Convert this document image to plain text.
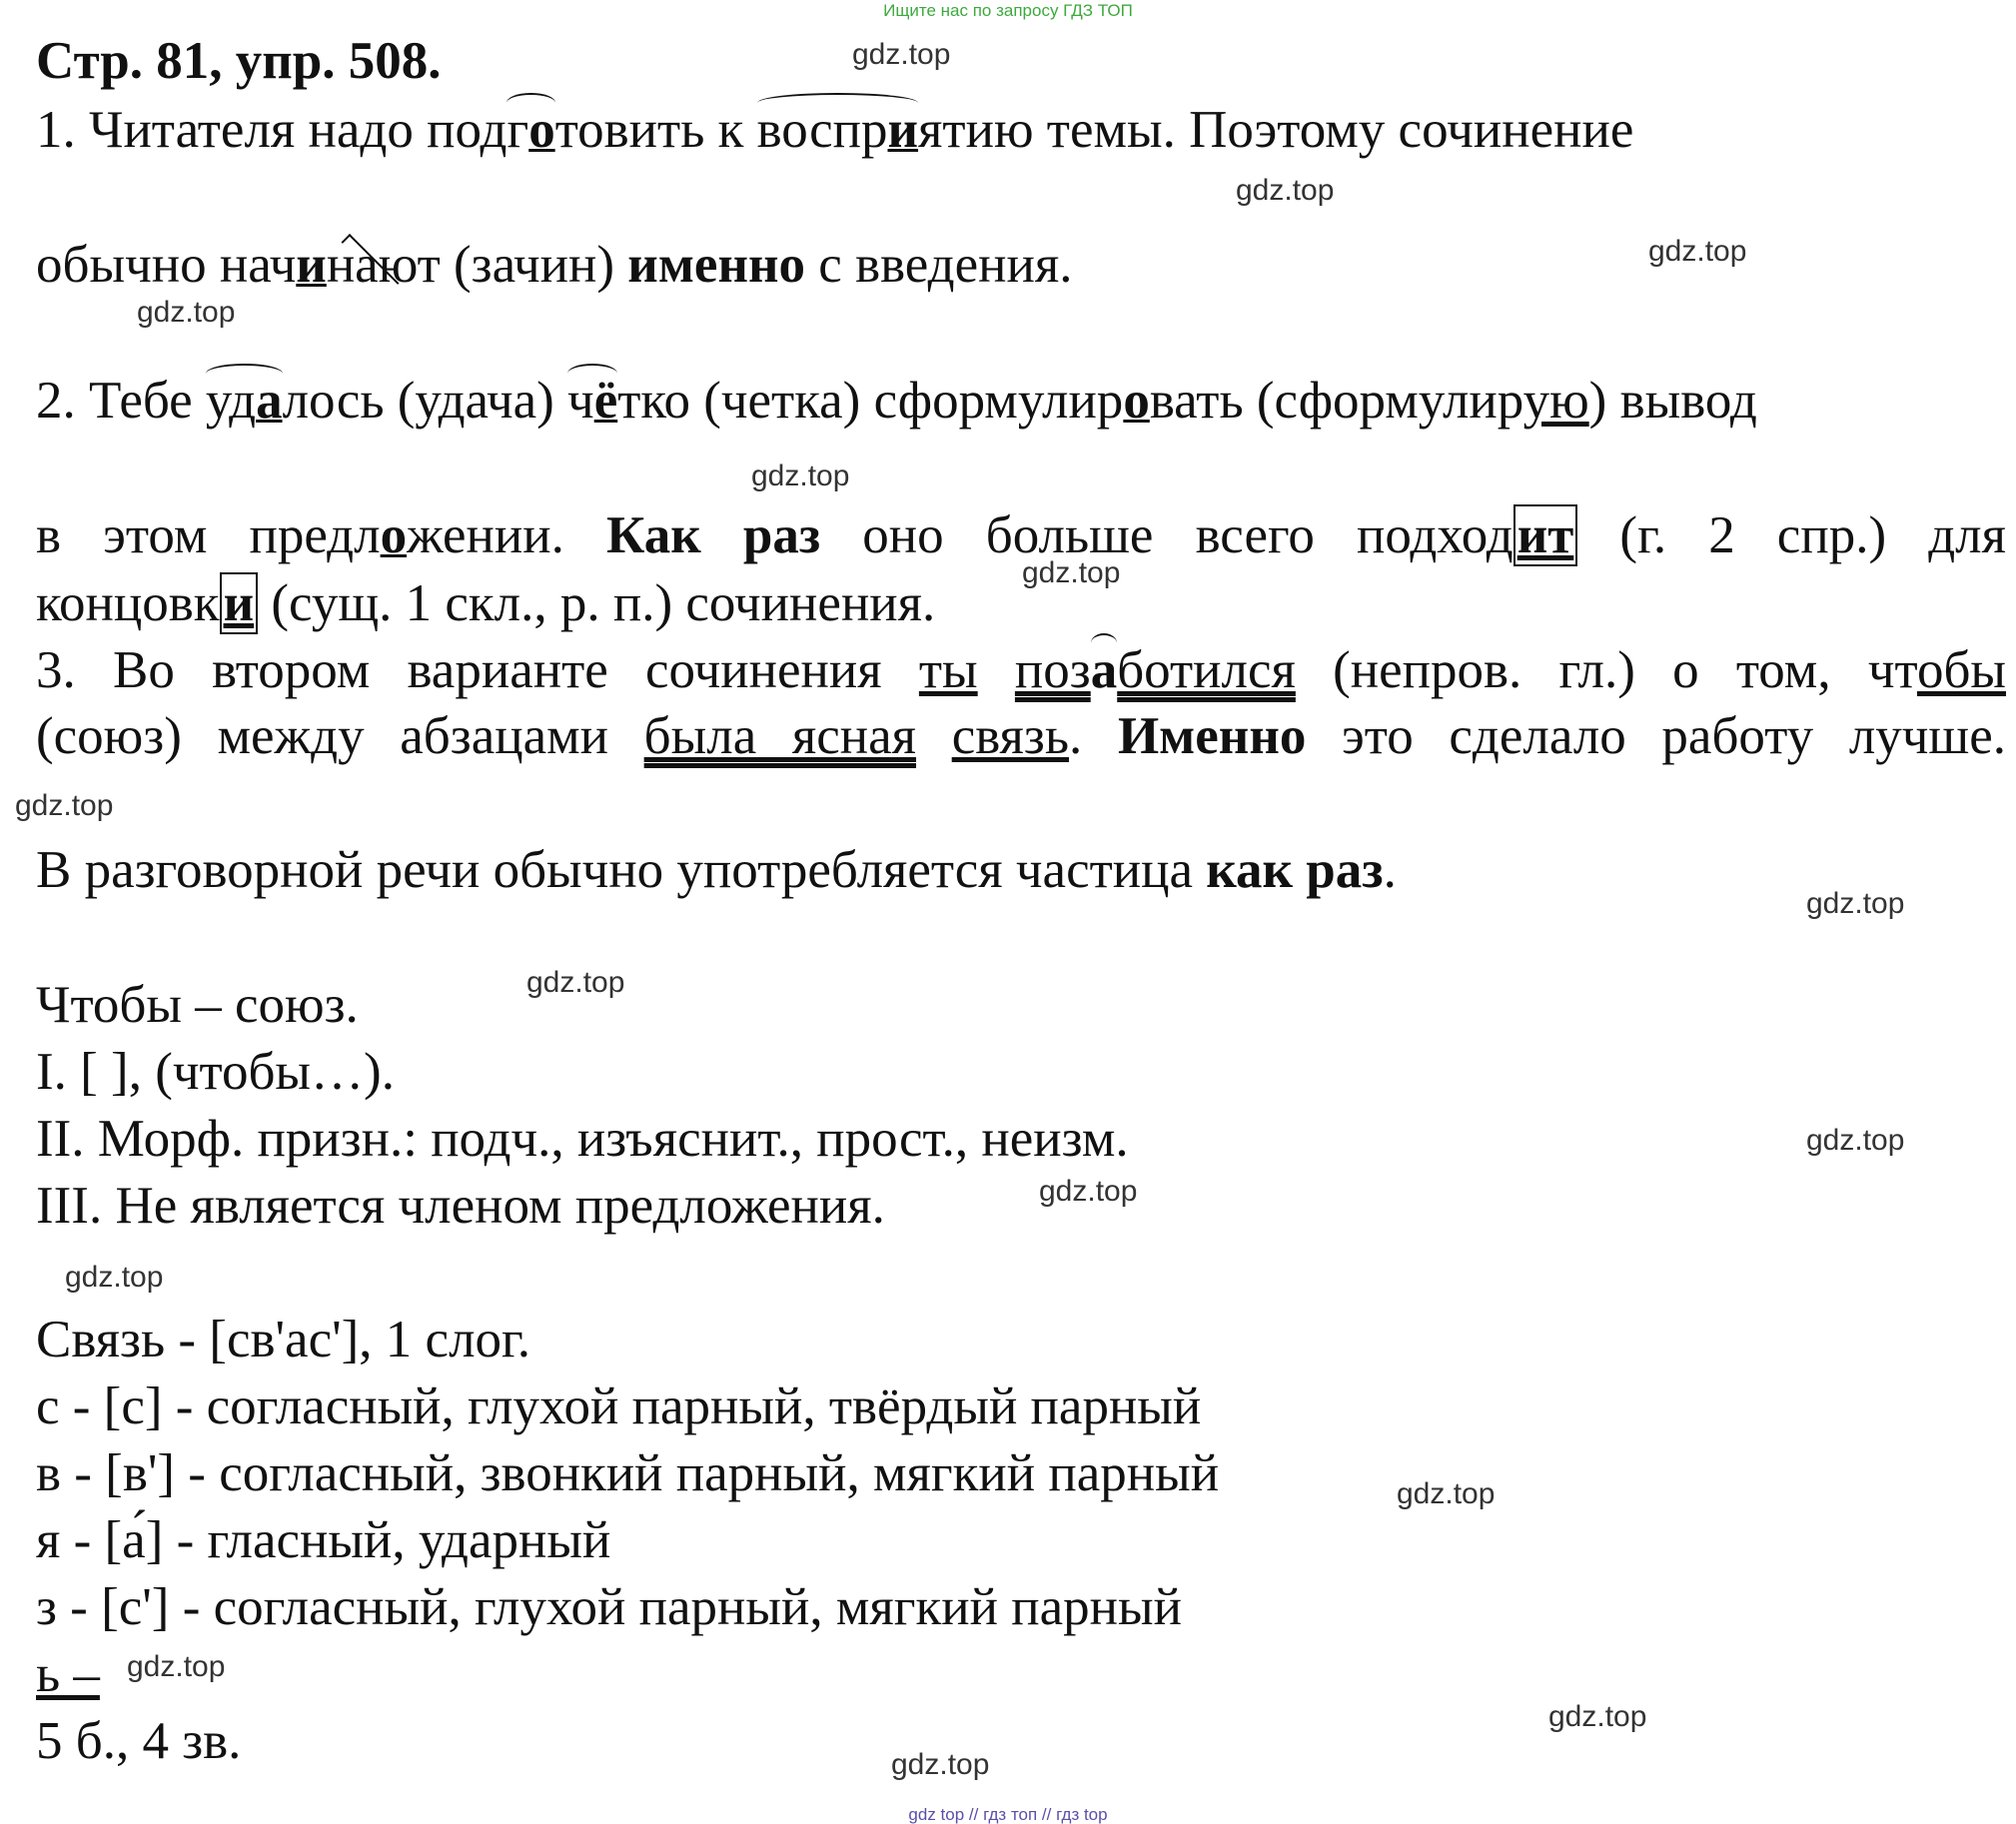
Ищите нас по запросу ГДЗ ТОП

Стр. 81, упр. 508.

1. Читателя надо подготовить к восприятию темы. Поэтому сочинение

обычно начинают (зачин) именно с введения.

2. Тебе удалось (удача) чётко (четка) сформулировать (сформулирую) вывод

в этом предложении. Как раз оно больше всего подходит (г. 2 спр.) для

концовки (сущ. 1 скл., р. п.) сочинения.

3. Во втором варианте сочинения ты позаботился (непров. гл.) о том, чтобы

(союз) между абзацами была ясная связь. Именно это сделало работу лучше.

В разговорной речи обычно употребляется частица как раз.

Чтобы – союз.

I. [ ], (чтобы…).

II. Морф. призн.: подч., изъяснит., прост., неизм.

III. Не является членом предложения.

Связь - [св'ас'], 1 слог.

с - [с] - согласный, глухой парный, твёрдый парный

в - [в'] - согласный, звонкий парный, мягкий парный

я - [а́] - гласный, ударный

з - [с'] - согласный, глухой парный, мягкий парный

ь –

5 б., 4 зв.

gdz.top
gdz.top
gdz.top
gdz.top
gdz.top
gdz.top
gdz.top
gdz.top
gdz.top
gdz.top
gdz.top
gdz.top
gdz.top
gdz.top
gdz.top
gdz.top
gdz top // гдз топ // гдз top
